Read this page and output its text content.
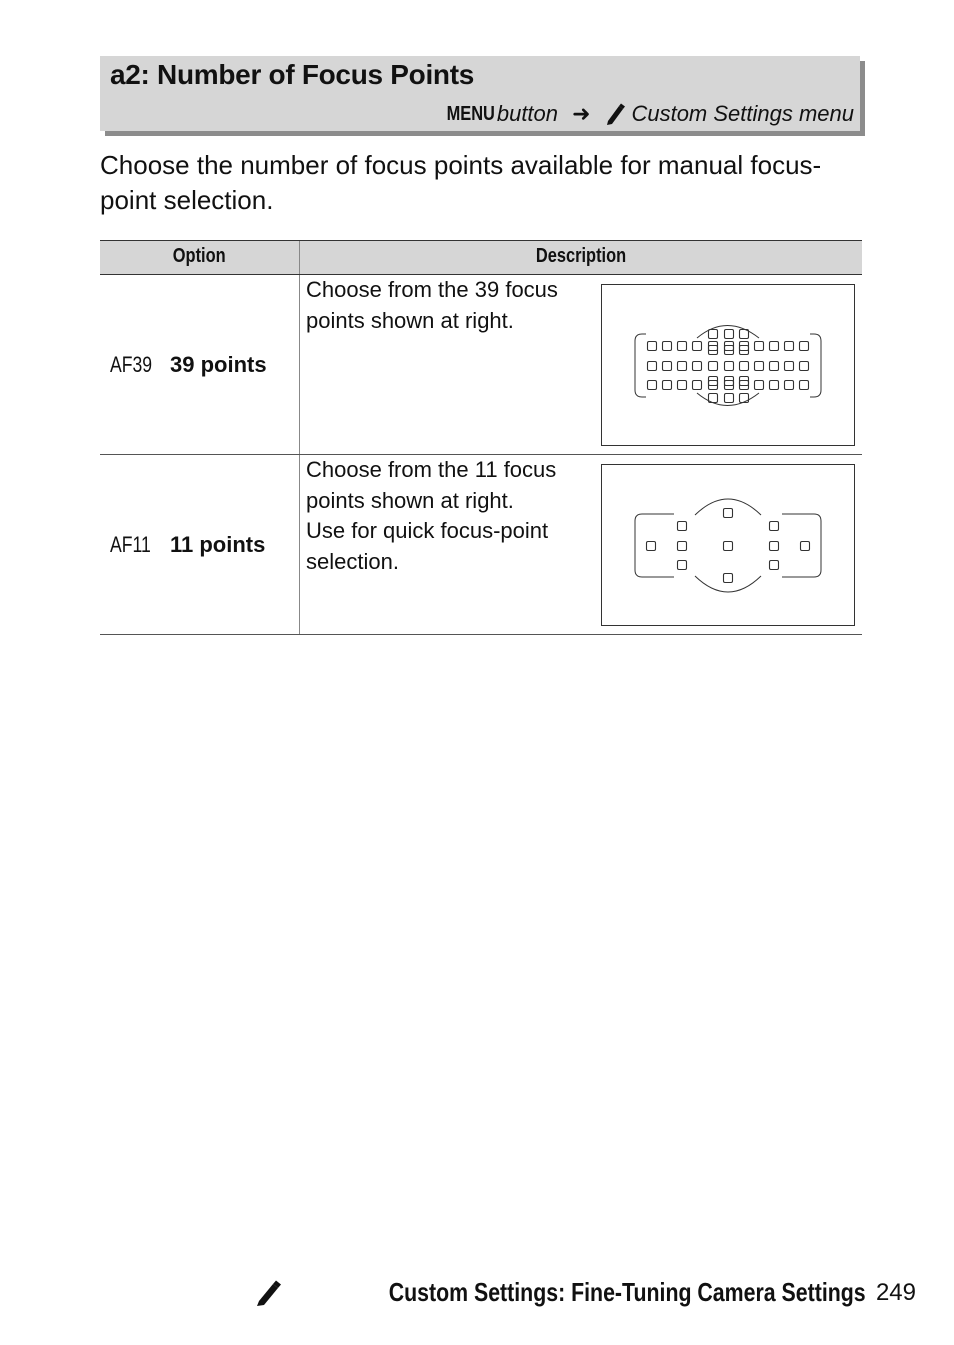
a2: Number of Focus Points
MENU button ➜ Custom Settings menu

Choose the number of focus points available for manual focus-point selection.

Option	Description
AF39 39 points
Choose from the 39 focus
points shown at right.
AF11 11 points
Choose from the 11 focus
points shown at right.
Use for quick focus-point
selection.
Custom Settings: Fine-Tuning Camera Settings 249
